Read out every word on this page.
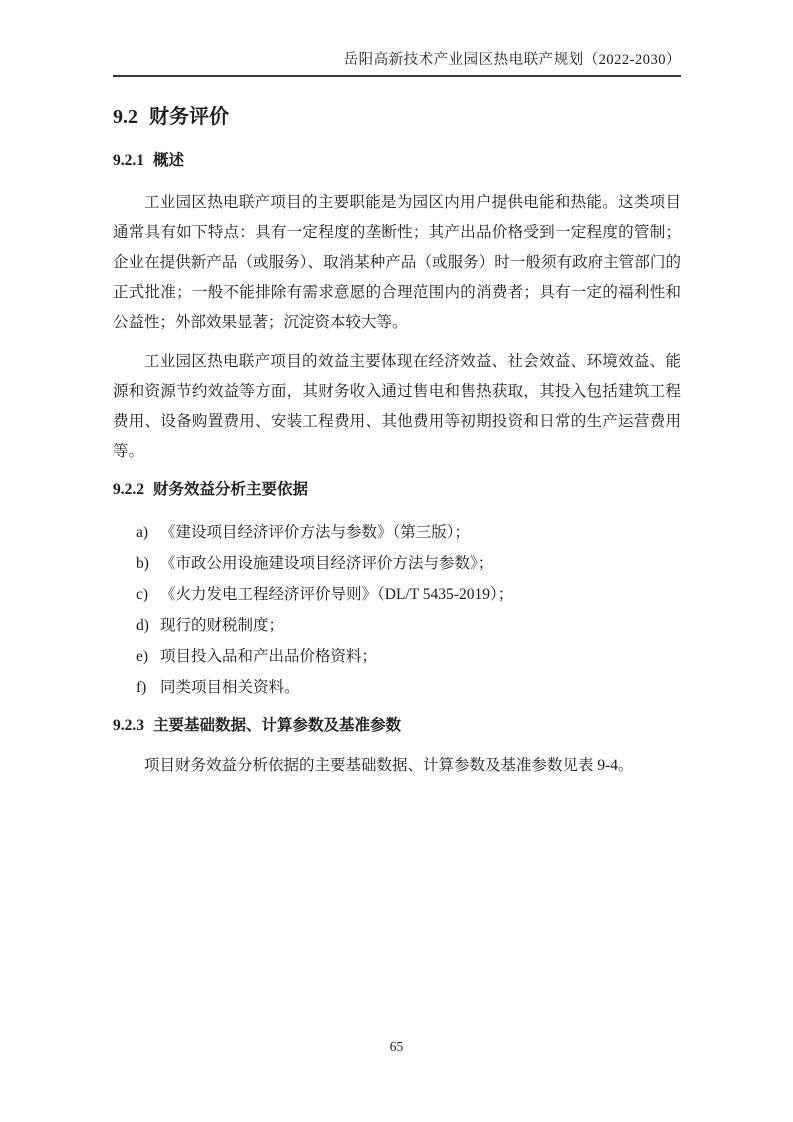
岳阳高新技术产业园区热电联产规划（2022-2030）
9.2 财务评价
9.2.1 概述

工业园区热电联产项目的主要职能是为园区内用户提供电能和热能。这类项目通常具有如下特点：具有一定程度的垄断性；其产出品价格受到一定程度的管制；企业在提供新产品（或服务）、取消某种产品（或服务）时一般须有政府主管部门的正式批准；一般不能排除有需求意愿的合理范围内的消费者；具有一定的福利性和公益性；外部效果显著；沉淀资本较大等。

工业园区热电联产项目的效益主要体现在经济效益、社会效益、环境效益、能源和资源节约效益等方面，其财务收入通过售电和售热获取，其投入包括建筑工程费用、设备购置费用、安装工程费用、其他费用等初期投资和日常的生产运营费用等。

9.2.2 财务效益分析主要依据
a) 《建设项目经济评价方法与参数》（第三版）；
b) 《市政公用设施建设项目经济评价方法与参数》；
c) 《火力发电工程经济评价导则》（DL/T 5435-2019）；
d) 现行的财税制度；
e) 项目投入品和产出品价格资料；
f) 同类项目相关资料。
9.2.3 主要基础数据、计算参数及基准参数

项目财务效益分析依据的主要基础数据、计算参数及基准参数见表 9-4。

65
